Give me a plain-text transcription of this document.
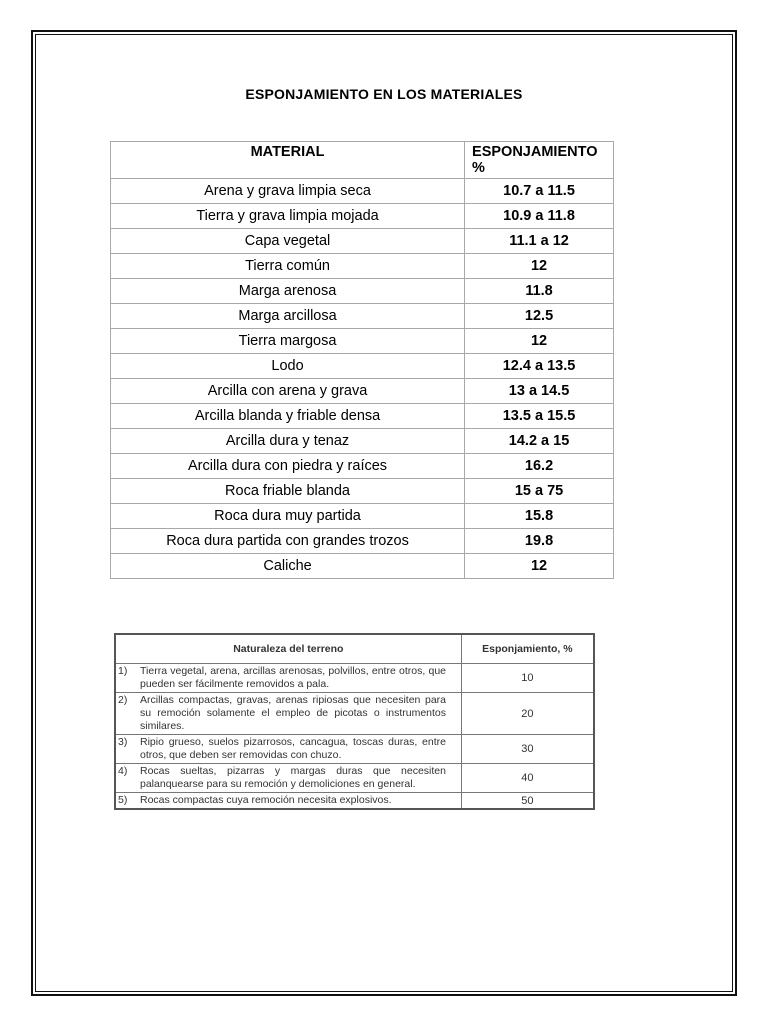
ESPONJAMIENTO EN LOS MATERIALES
MATERIAL	ESPONJAMIENTO %
Arena y grava limpia seca	10.7 a 11.5
Tierra y grava limpia mojada	10.9 a 11.8
Capa vegetal	11.1 a 12
Tierra común	12
Marga arenosa	11.8
Marga arcillosa	12.5
Tierra margosa	12
Lodo	12.4 a 13.5
Arcilla con arena y grava	13 a 14.5
Arcilla blanda y friable densa	13.5 a 15.5
Arcilla dura y tenaz	14.2 a 15
Arcilla dura con piedra y raíces	16.2
Roca friable blanda	15 a 75
Roca dura muy partida	15.8
Roca dura partida con grandes trozos	19.8
Caliche	12
Naturaleza del terreno	Esponjamiento, %
1) Tierra vegetal, arena, arcillas arenosas, polvillos, entre otros, que pueden ser fácilmente removidos a pala.	10
2) Arcillas compactas, gravas, arenas ripiosas que necesiten para su remoción solamente el empleo de picotas o instrumentos similares.	20
3) Ripio grueso, suelos pizarrosos, cancagua, toscas duras, entre otros, que deben ser removidas con chuzo.	30
4) Rocas sueltas, pizarras y margas duras que necesiten palanquearse para su remoción y demoliciones en general.	40
5) Rocas compactas cuya remoción necesita explosivos.	50
